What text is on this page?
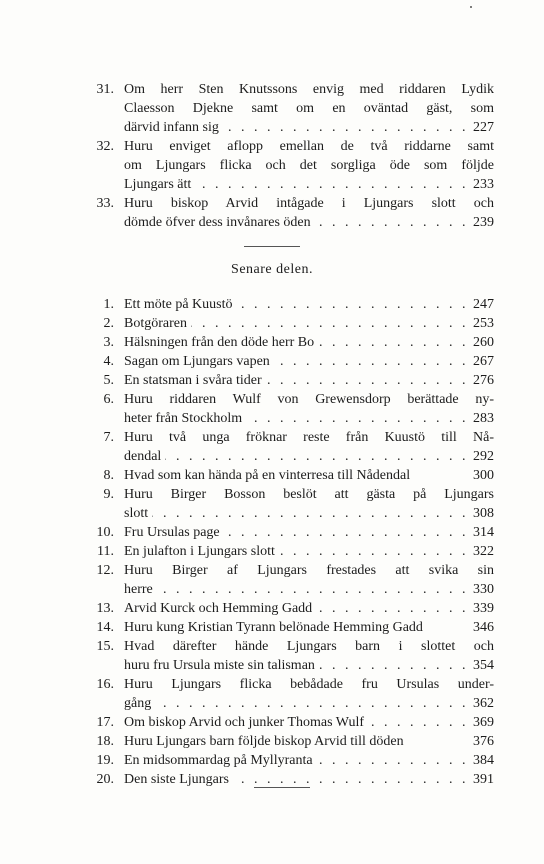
31. Om herr Sten Knutssons envig med riddaren Lydik
Claesson Djekne samt om en oväntad gäst, som
därvid infann sig . . .	227
32. Huru enviget aflopp emellan de två riddarne samt
om Ljungars flicka och det sorgliga öde som följde
Ljungars ätt . . .	233
33. Huru biskop Arvid intågade i Ljungars slott och
dömde öfver dess invånares öden . . .	239
Senare delen.
1. Ett möte på Kuustö . . .	247
2. Botgöraren . . .	253
3. Hälsningen från den döde herr Bo . . .	260
4. Sagan om Ljungars vapen . . .	267
5. En statsman i svåra tider . . .	276
6. Huru riddaren Wulf von Grewensdorp berättade ny-
heter från Stockholm . . .	283
7. Huru två unga fröknar reste från Kuustö till Nå-
dendal . . .	292
8. Hvad som kan hända på en vinterresa till Nådendal	300
9. Huru Birger Bosson beslöt att gästa på Ljungars
slott . . .	308
10. Fru Ursulas page . . .	314
11. En julafton i Ljungars slott . . .	322
12. Huru Birger af Ljungars frestades att svika sin
herre . . .	330
13. Arvid Kurck och Hemming Gadd . . .	339
14. Huru kung Kristian Tyrann belönade Hemming Gadd	346
15. Hvad därefter hände Ljungars barn i slottet och
huru fru Ursula miste sin talisman . . .	354
16. Huru Ljungars flicka bebådade fru Ursulas under-
gång . . .	362
17. Om biskop Arvid och junker Thomas Wulf . . .	369
18. Huru Ljungars barn följde biskop Arvid till döden	376
19. En midsommardag på Myllyranta . . .	384
20. Den siste Ljungars . . .	391
